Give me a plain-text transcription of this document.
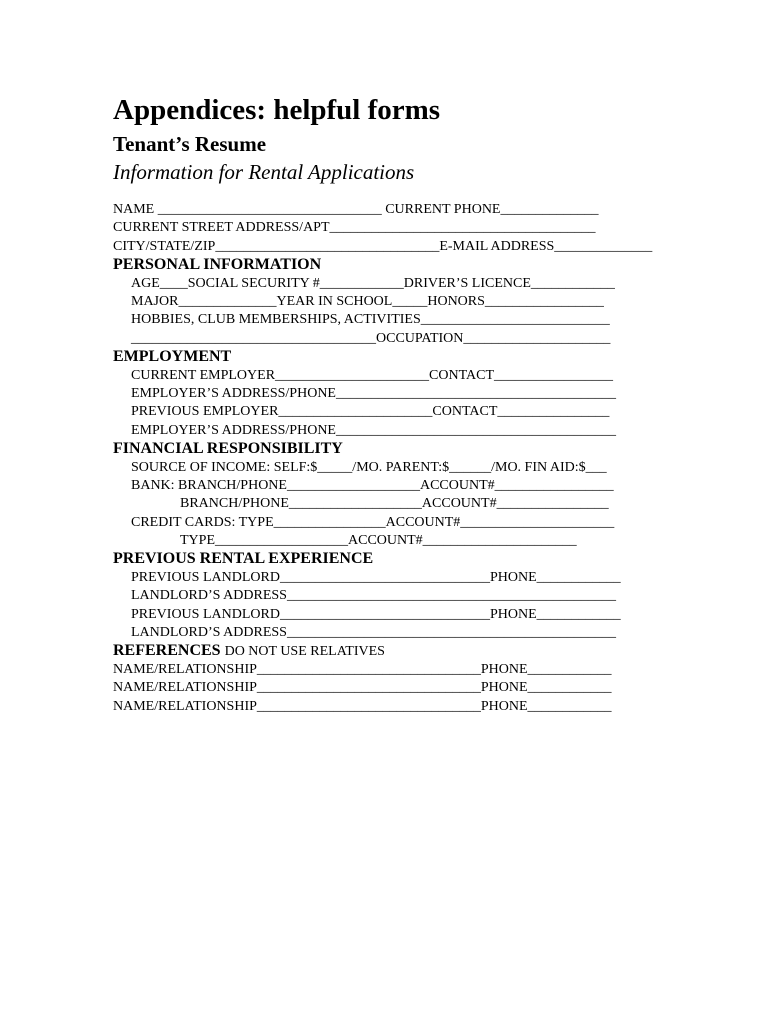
Appendices: helpful forms
Tenant’s Resume
Information for Rental Applications
NAME ________________________________ CURRENT PHONE______________
CURRENT STREET ADDRESS/APT______________________________________
CITY/STATE/ZIP________________________________E-MAIL ADDRESS______________
PERSONAL INFORMATION
AGE____SOCIAL SECURITY #____________DRIVER’S LICENCE____________
MAJOR______________YEAR IN SCHOOL_____HONORS_________________
HOBBIES, CLUB MEMBERSHIPS, ACTIVITIES___________________________
___________________________________OCCUPATION_____________________
EMPLOYMENT
CURRENT EMPLOYER______________________CONTACT_________________
EMPLOYER’S ADDRESS/PHONE________________________________________
PREVIOUS EMPLOYER______________________CONTACT________________
EMPLOYER’S ADDRESS/PHONE________________________________________
FINANCIAL RESPONSIBILITY
SOURCE OF INCOME: SELF:$_____/MO. PARENT:$______/MO. FIN AID:$___
BANK: BRANCH/PHONE___________________ACCOUNT#_________________
BRANCH/PHONE___________________ACCOUNT#________________
CREDIT CARDS: TYPE________________ACCOUNT#______________________
TYPE___________________ACCOUNT#______________________
PREVIOUS RENTAL EXPERIENCE
PREVIOUS LANDLORD______________________________PHONE____________
LANDLORD’S ADDRESS_______________________________________________
PREVIOUS LANDLORD______________________________PHONE____________
LANDLORD’S ADDRESS_______________________________________________
REFERENCES DO NOT USE RELATIVES
NAME/RELATIONSHIP________________________________PHONE____________
NAME/RELATIONSHIP________________________________PHONE____________
NAME/RELATIONSHIP________________________________PHONE____________
